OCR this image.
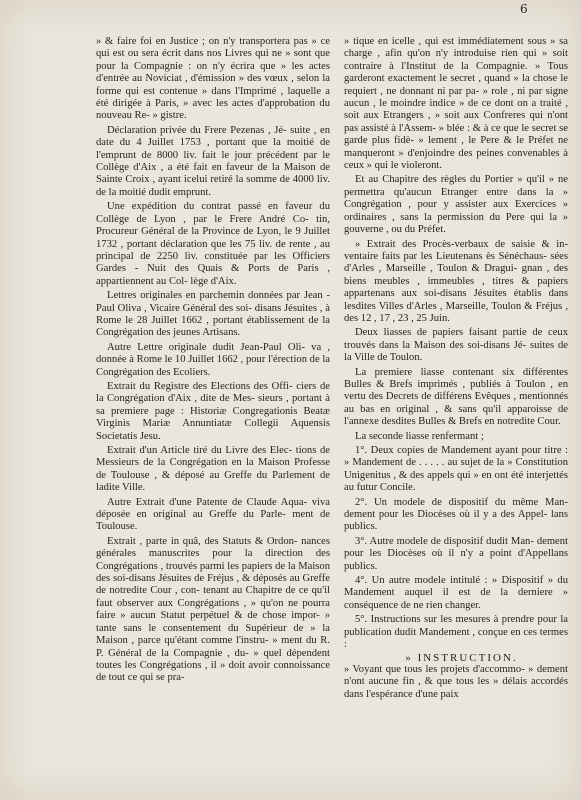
6

» & faire foi en Justice ; on n'y transportera pas » ce qui est ou sera écrit dans nos Livres qui ne » sont que pour la Compagnie : on n'y écrira que » les actes d'entrée au Noviciat , d'émission » des vœux , selon la forme qui est contenue » dans l'Imprimé , laquelle a été dirigée à Paris, » avec les actes d'approbation du nouveau Re- » gistre.

Déclaration privée du Frere Pezenas , Jé- suite , en date du 4 Juillet 1753 , portant que la moitié de l'emprunt de 8000 liv. fait le jour précédent par le Collège d'Aix , a été fait en faveur de la Maison de Sainte Croix , ayant icelui retiré la somme de 4000 liv. de la moitié dudit emprunt.

Une expédition du contrat passé en faveur du Collège de Lyon , par le Frere André Co- tin, Procureur Général de la Province de Lyon, le 9 Juillet 1732 , portant déclaration que les 75 liv. de rente , au principal de 2250 liv. constituée par les Officiers Gardes - Nuit des Quais & Ports de Paris , appartiennent au Col- lège d'Aix.

Lettres originales en parchemin données par Jean - Paul Oliva , Vicaire Général des soi- disans Jésuites , à Rome le 28 Juillet 1662 , portant établissement de la Congrégation des jeunes Artisans.

Autre Lettre originale dudit Jean-Paul Oli- va , donnée à Rome le 10 Juillet 1662 , pour l'érection de la Congrégation des Ecoliers.

Extrait du Registre des Elections des Offi- ciers de la Congrégation d'Aix , dite de Mes- sieurs , portant à sa premiere page : Historiæ Congregationis Beatæ Virginis Mariæ Annuntiatæ Collegii Aquensis Societatis Jesu.

Extrait d'un Article tiré du Livre des Elec- tions de Messieurs de la Congrégation en la Maison Professe de Toulouse , & déposé au Greffe du Parlement de ladite Ville.

Autre Extrait d'une Patente de Claude Aqua- viva déposée en original au Greffe du Parle- ment de Toulouse.

Extrait , parte in quâ, des Statuts & Ordon- nances générales manuscrites pour la direction des Congrégations , trouvés parmi les papiers de la Maison des soi-disans Jésuites de Fréjus , & déposés au Greffe de notredite Cour , con- tenant au Chapitre de ce qu'il faut observer aux Congrégations , » qu'on ne pourra faire » aucun Statut perpétuel & de chose impor- » tante sans le consentement du Supérieur de » la Maison , parce qu'étant comme l'instru- » ment du R. P. Général de la Compagnie , du- » quel dépendent toutes les Congrégations , il » doit avoir connoissance de tout ce qui se pra-

» tique en icelle , qui est immédiatement sous » sa charge , afin qu'on n'y introduise rien qui » soit contraire à l'Institut de la Compagnie. » Tous garderont exactement le secret , quand » la chose le requiert , ne donnant ni par pa- » role , ni par signe aucun , le moindre indice » de ce dont on a traité , soit aux Etrangers , » soit aux Confreres qui n'ont pas assisté à l'Assem- » blée : & à ce que le secret se garde plus fidè- » lement , le Pere & le Préfet ne manqueront » d'enjoindre des peines convenables à ceux » qui le violeront.

Et au Chapitre des règles du Portier » qu'il » ne permettra qu'aucun Etranger entre dans la » Congrégation , pour y assister aux Exercices » ordinaires , sans la permission du Pere qui la » gouverne , ou du Préfet.

» Extrait des Procès-verbaux de saisie & in- ventaire faits par les Lieutenans ès Sénéchaus- sées d'Arles , Marseille , Toulon & Dragui- gnan , des biens meubles , immeubles , titres & papiers appartenans aux soi-disans Jésuites établis dans lesdites Villes d'Arles , Marseille, Toulon & Fréjus , des 12 , 17 , 23 , 25 Juin.

Deux liasses de papiers faisant partie de ceux trouvés dans la Maison des soi-disans Jé- suites de la Ville de Toulon.

La premiere liasse contenant six différentes Bulles & Brefs imprimés , publiés à Toulon , en vertu des Decrets de différens Evêques , mentionnés au bas en original , & sans qu'il apparoisse de l'annexe desdites Bulles & Brefs en notredite Cour.

La seconde liasse renfermant ;

1°. Deux copies de Mandement ayant pour titre : » Mandement de . . . . . au sujet de la » Constitution Unigenitus , & des appels qui » en ont été interjettés au futur Concile.

2°. Un modele de dispositif du même Man- dement pour les Diocèses où il y a des Appel- lans publics.

3°. Autre modele de dispositif dudit Man- dement pour les Diocèses où il n'y a point d'Appellans publics.

4°. Un autre modele intitulé : » Dispositif » du Mandement auquel il est de la derniere » conséquence de ne rien changer.

5°. Instructions sur les mesures à prendre pour la publication dudit Mandement , conçue en ces termes :

» INSTRUCTION.

» Voyant que tous les projets d'accommo- » dement n'ont aucune fin , & que tous les » délais accordés dans l'espérance d'une paix
